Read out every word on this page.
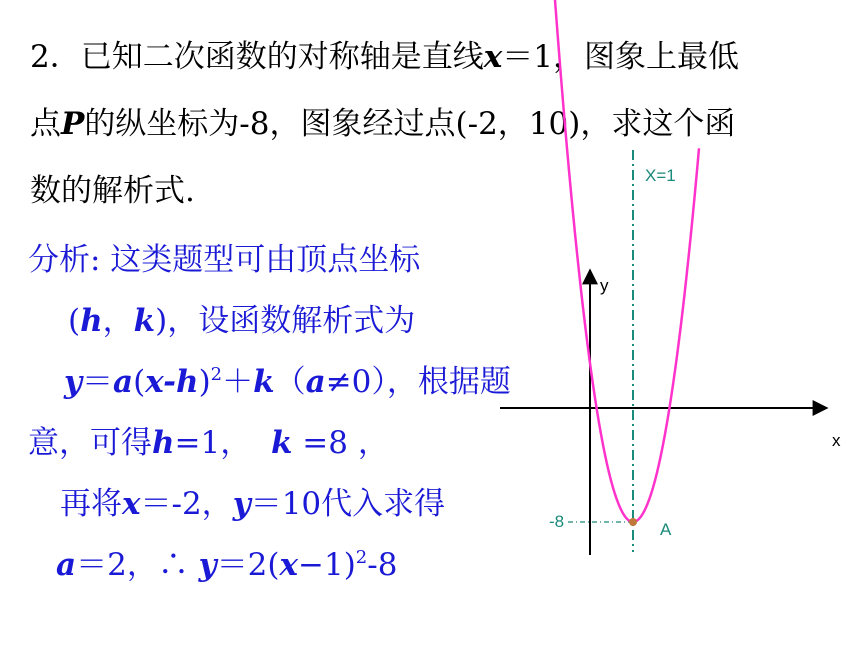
2．已知二次函数的对称轴是直线x＝1，图象上最低
点P的纵坐标为-8，图象经过点(-2，10)，求这个函
数的解析式.
分析: 这类题型可由顶点坐标
(h，k)，设函数解析式为
$y=a(x-h)^2+k(a\ne 0)$，根据题
意，可得h=1，  k =8 ，
再将x＝-2，y＝10代入求得
a＝2，∴ $y=2(x-1)^2-8$
X=1
y
x
-8	A
